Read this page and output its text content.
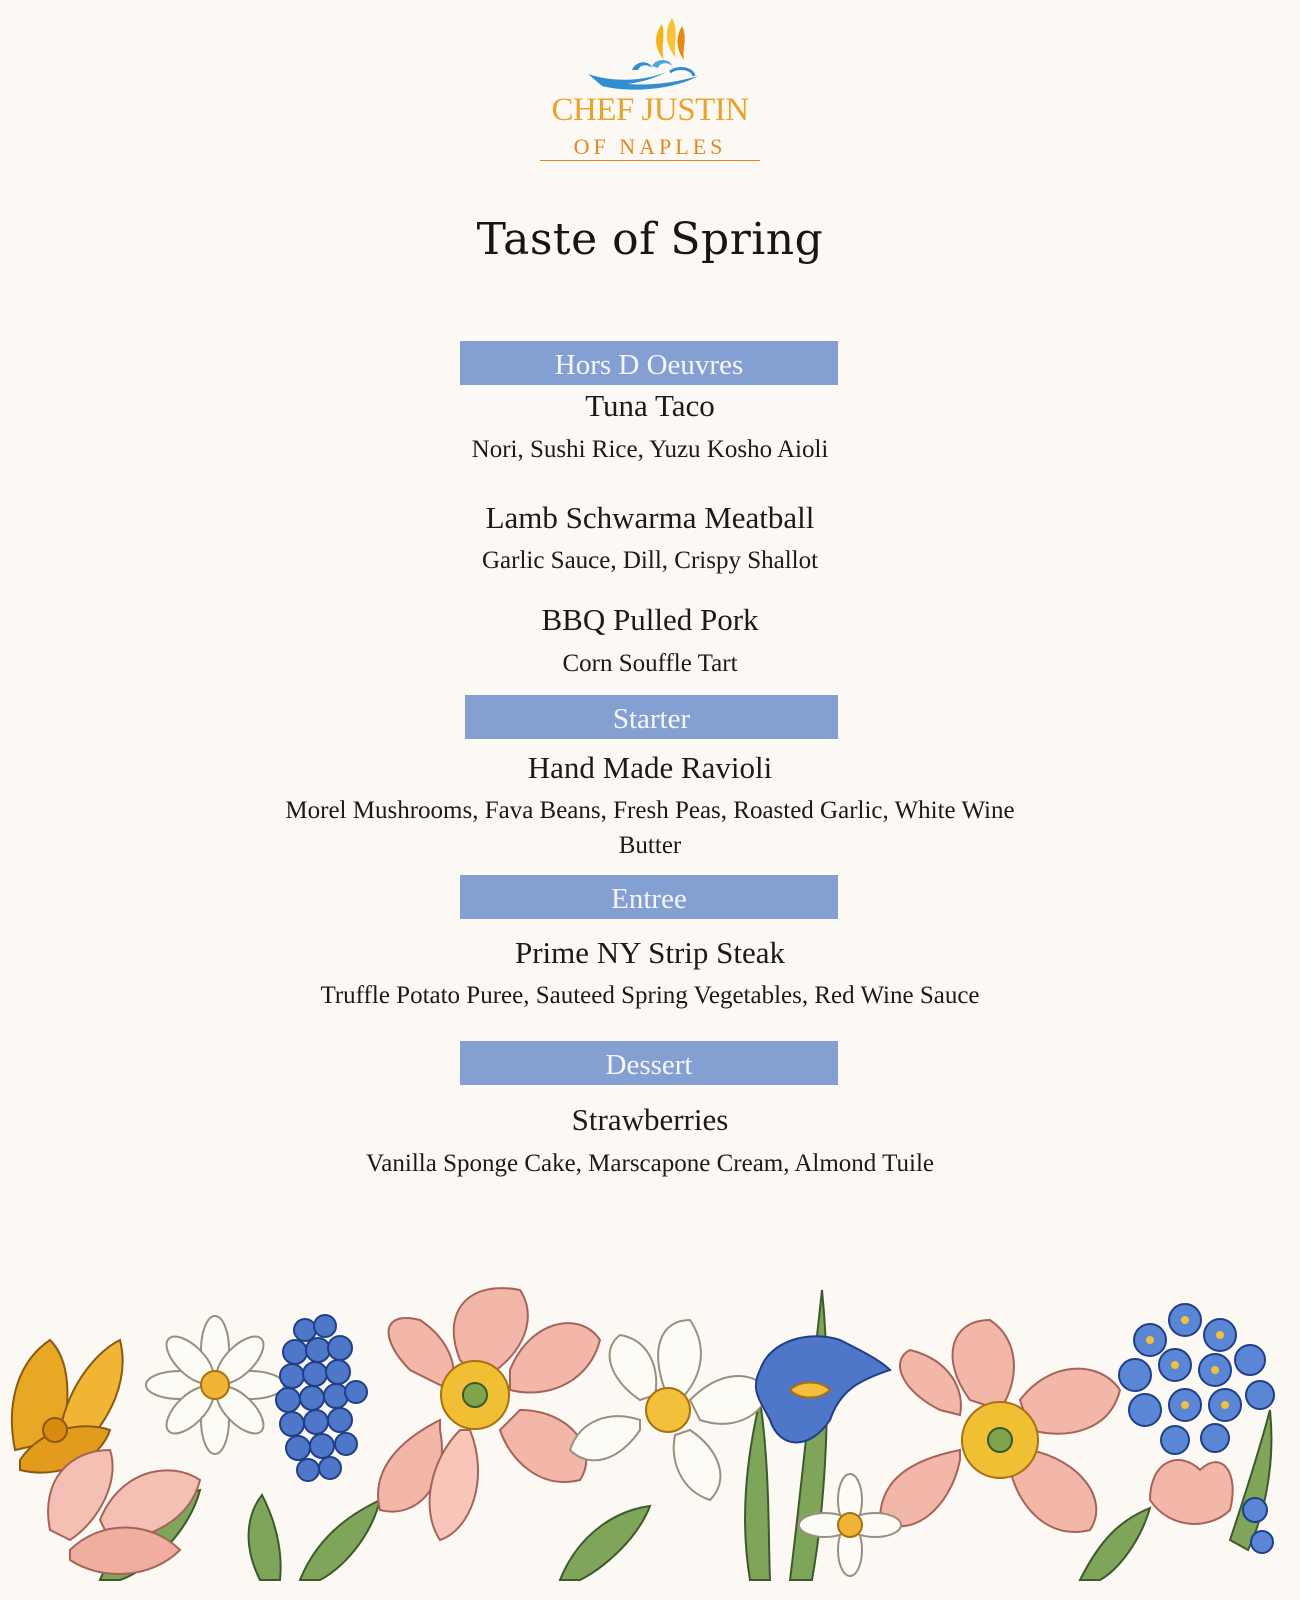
CHEF JUSTIN
OF NAPLES
Taste of Spring
Hors D Oeuvres
Tuna Taco
Nori, Sushi Rice, Yuzu Kosho Aioli
Lamb Schwarma Meatball
Garlic Sauce, Dill, Crispy Shallot
BBQ Pulled Pork
Corn Souffle Tart
Starter
Hand Made Ravioli
Morel Mushrooms, Fava Beans, Fresh Peas, Roasted Garlic, White Wine Butter
Entree
Prime NY Strip Steak
Truffle Potato Puree, Sauteed Spring Vegetables, Red Wine Sauce
Dessert
Strawberries
Vanilla Sponge Cake, Marscapone Cream, Almond Tuile
